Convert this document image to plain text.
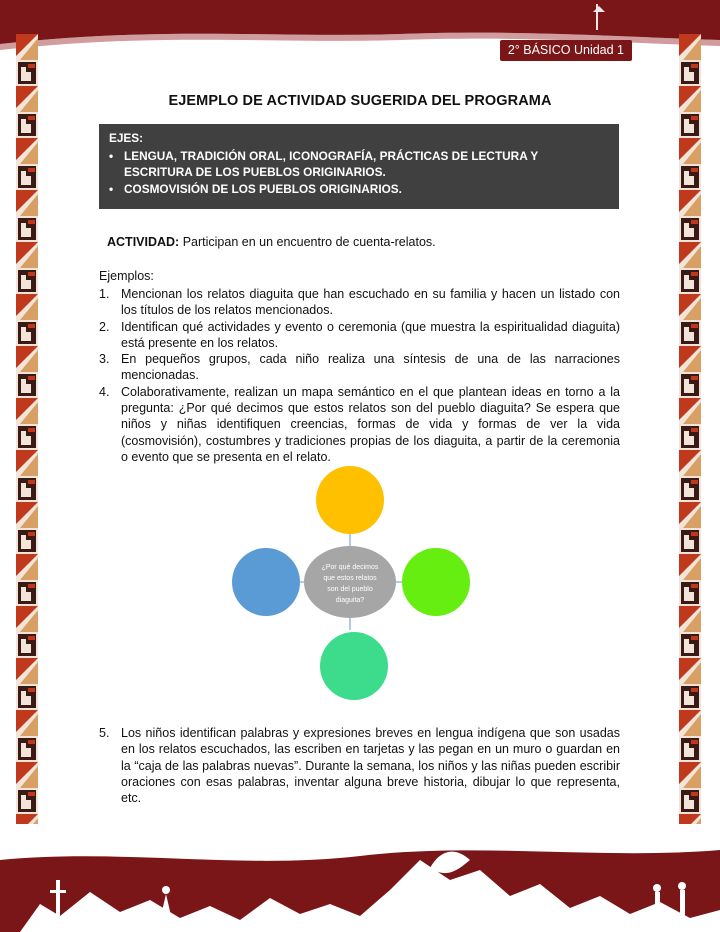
2° BÁSICO Unidad 1
EJEMPLO DE ACTIVIDAD SUGERIDA DEL PROGRAMA
EJES:
• LENGUA, TRADICIÓN ORAL, ICONOGRAFÍA, PRÁCTICAS DE LECTURA Y ESCRITURA DE LOS PUEBLOS ORIGINARIOS.
• COSMOVISIÓN DE LOS PUEBLOS ORIGINARIOS.
ACTIVIDAD: Participan en un encuentro de cuenta-relatos.
Ejemplos:
1. Mencionan los relatos diaguita que han escuchado en su familia y hacen un listado con los títulos de los relatos mencionados.
2. Identifican qué actividades y evento o ceremonia (que muestra la espiritualidad diaguita) está presente en los relatos.
3. En pequeños grupos, cada niño realiza una síntesis de una de las narraciones mencionadas.
4. Colaborativamente, realizan un mapa semántico en el que plantean ideas en torno a la pregunta: ¿Por qué decimos que estos relatos son del pueblo diaguita? Se espera que niños y niñas identifiquen creencias, formas de vida y formas de ver la vida (cosmovisión), costumbres y tradiciones propias de los diaguita, a partir de la ceremonia o evento que se presenta en el relato.
¿Por qué decimos
que estos relatos
son del pueblo
diaguita?
5. Los niños identifican palabras y expresiones breves en lengua indígena que son usadas en los relatos escuchados, las escriben en tarjetas y las pegan en un muro o guardan en la “caja de las palabras nuevas”. Durante la semana, los niños y las niñas pueden escribir oraciones con esas palabras, inventar alguna breve historia, dibujar lo que representa, etc.
